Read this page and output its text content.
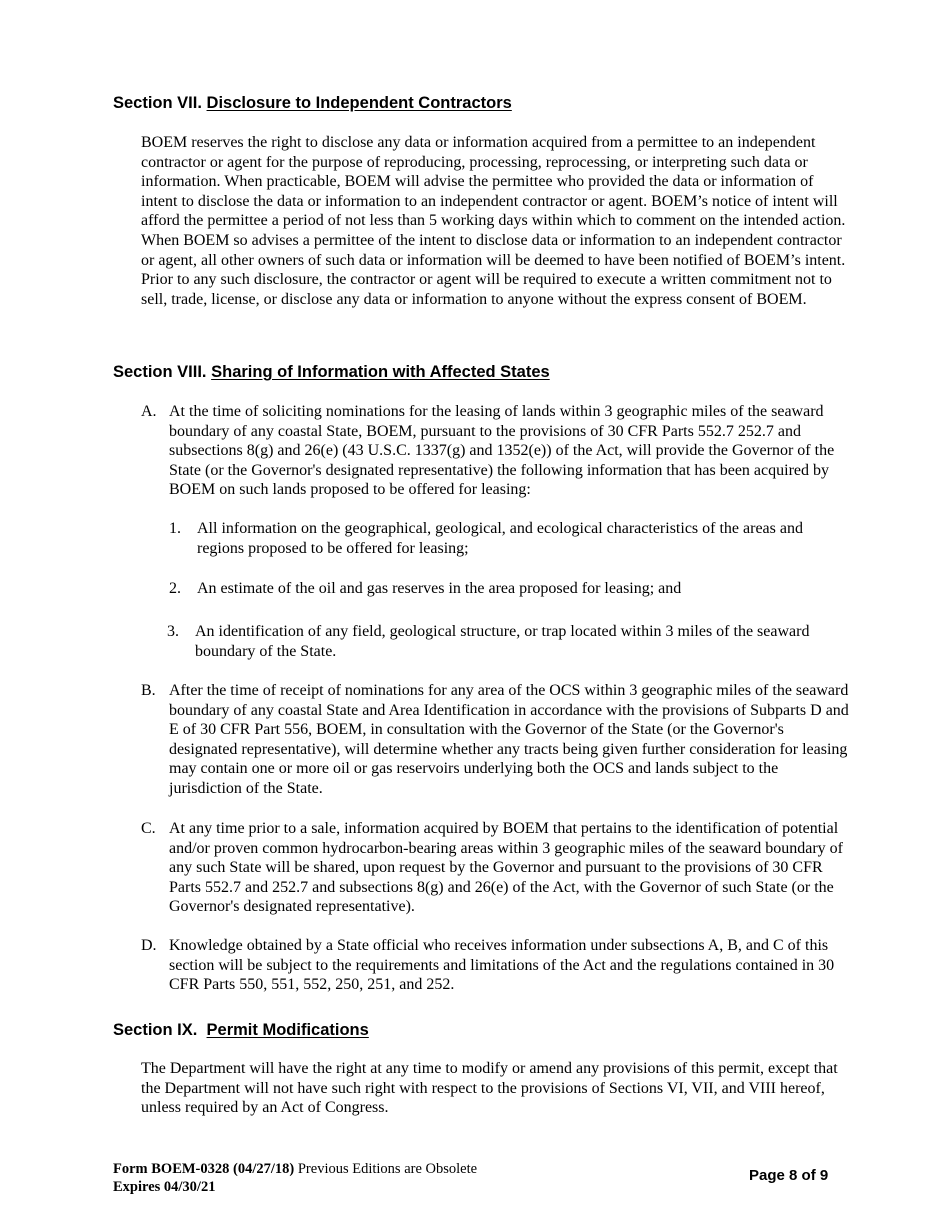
Section VII. Disclosure to Independent Contractors
BOEM reserves the right to disclose any data or information acquired from a permittee to an independent contractor or agent for the purpose of reproducing, processing, reprocessing, or interpreting such data or information. When practicable, BOEM will advise the permittee who provided the data or information of intent to disclose the data or information to an independent contractor or agent. BOEM’s notice of intent will afford the permittee a period of not less than 5 working days within which to comment on the intended action. When BOEM so advises a permittee of the intent to disclose data or information to an independent contractor or agent, all other owners of such data or information will be deemed to have been notified of BOEM’s intent. Prior to any such disclosure, the contractor or agent will be required to execute a written commitment not to sell, trade, license, or disclose any data or information to anyone without the express consent of BOEM.
Section VIII. Sharing of Information with Affected States
A. At the time of soliciting nominations for the leasing of lands within 3 geographic miles of the seaward boundary of any coastal State, BOEM, pursuant to the provisions of 30 CFR Parts 552.7 252.7 and subsections 8(g) and 26(e) (43 U.S.C. 1337(g) and 1352(e)) of the Act, will provide the Governor of the State (or the Governor's designated representative) the following information that has been acquired by BOEM on such lands proposed to be offered for leasing:
1. All information on the geographical, geological, and ecological characteristics of the areas and regions proposed to be offered for leasing;
2. An estimate of the oil and gas reserves in the area proposed for leasing; and
3. An identification of any field, geological structure, or trap located within 3 miles of the seaward boundary of the State.
B. After the time of receipt of nominations for any area of the OCS within 3 geographic miles of the seaward boundary of any coastal State and Area Identification in accordance with the provisions of Subparts D and E of 30 CFR Part 556, BOEM, in consultation with the Governor of the State (or the Governor's designated representative), will determine whether any tracts being given further consideration for leasing may contain one or more oil or gas reservoirs underlying both the OCS and lands subject to the jurisdiction of the State.
C. At any time prior to a sale, information acquired by BOEM that pertains to the identification of potential and/or proven common hydrocarbon-bearing areas within 3 geographic miles of the seaward boundary of any such State will be shared, upon request by the Governor and pursuant to the provisions of 30 CFR Parts 552.7 and 252.7 and subsections 8(g) and 26(e) of the Act, with the Governor of such State (or the Governor's designated representative).
D. Knowledge obtained by a State official who receives information under subsections A, B, and C of this section will be subject to the requirements and limitations of the Act and the regulations contained in 30 CFR Parts 550, 551, 552, 250, 251, and 252.
Section IX. Permit Modifications
The Department will have the right at any time to modify or amend any provisions of this permit, except that the Department will not have such right with respect to the provisions of Sections VI, VII, and VIII hereof, unless required by an Act of Congress.
Form BOEM-0328 (04/27/18) Previous Editions are Obsolete
Expires 04/30/21
Page 8 of 9
